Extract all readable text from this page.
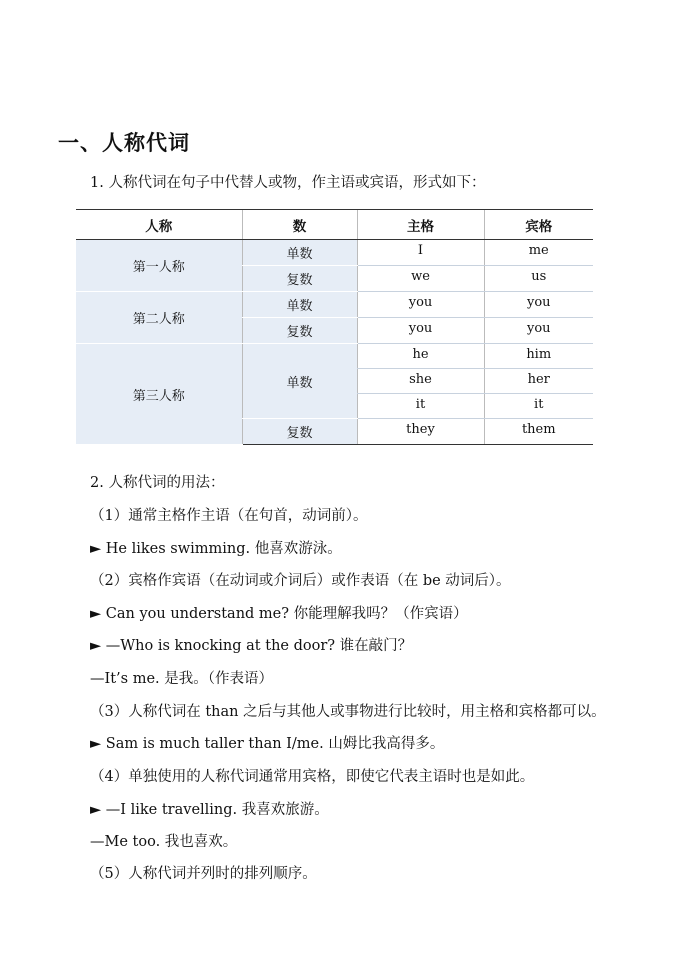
一、人称代词
1. 人称代词在句子中代替人或物，作主语或宾语，形式如下：
人称	数	主格	宾格
第一人称	单数	I	me
	复数	we	us
第二人称	单数	you	you
	复数	you	you
第三人称	单数	he	him
		she	her
		it	it
	复数	they	them
2. 人称代词的用法：
（1）通常主格作主语（在句首，动词前）。
► He likes swimming. 他喜欢游泳。
（2）宾格作宾语（在动词或介词后）或作表语（在 be 动词后）。
► Can you understand me? 你能理解我吗？（作宾语）
► —Who is knocking at the door? 谁在敲门？
—It’s me. 是我。（作表语）
（3）人称代词在 than 之后与其他人或事物进行比较时，用主格和宾格都可以。
► Sam is much taller than I/me. 山姆比我高得多。
（4）单独使用的人称代词通常用宾格，即使它代表主语时也是如此。
► —I like travelling. 我喜欢旅游。
—Me too. 我也喜欢。
（5）人称代词并列时的排列顺序。
